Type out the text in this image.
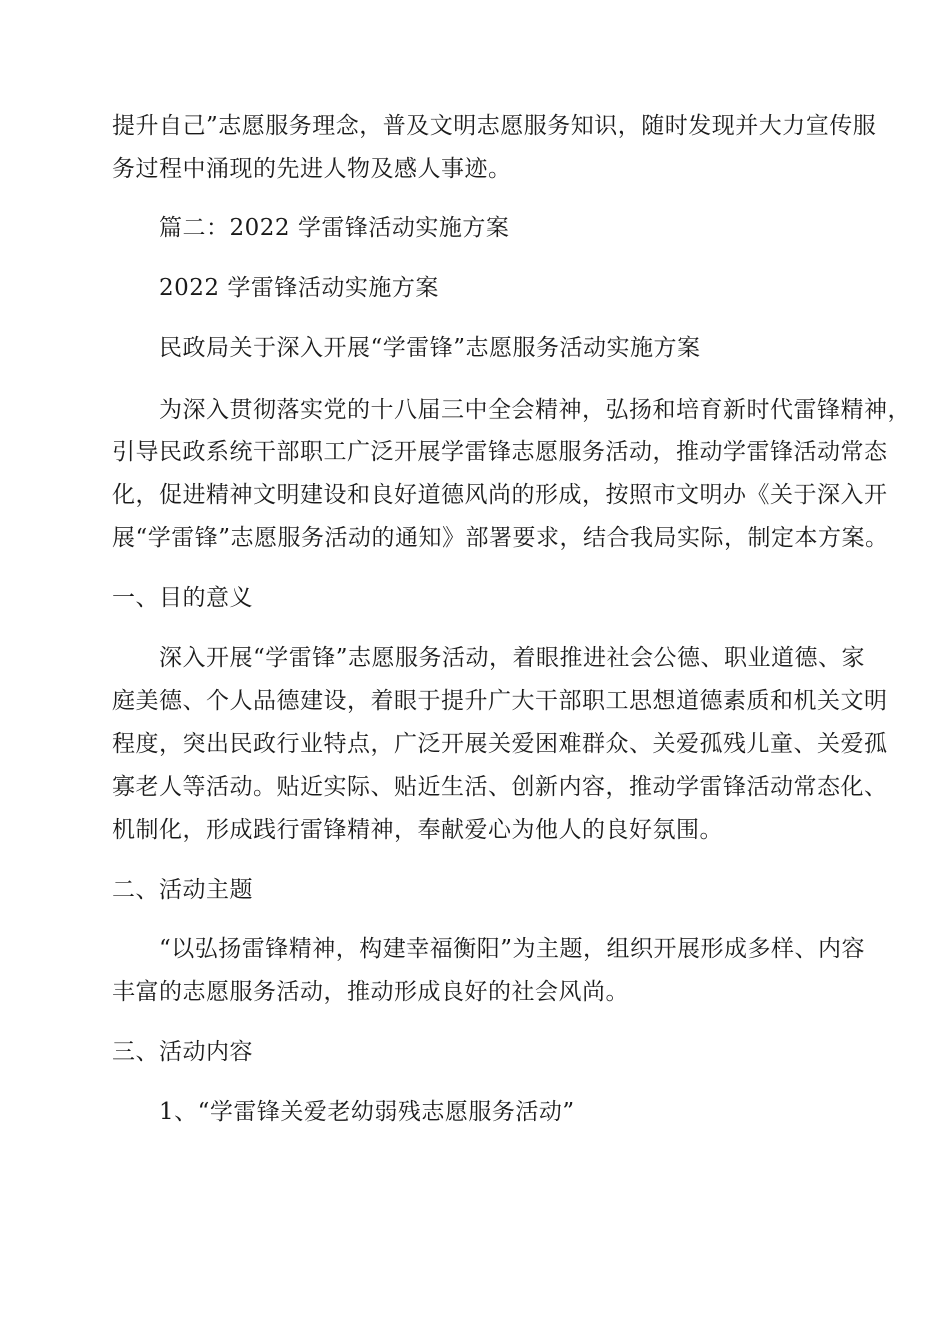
提升自己”志愿服务理念，普及文明志愿服务知识，随时发现并大力宣传服
务过程中涌现的先进人物及感人事迹。
篇二：2022 学雷锋活动实施方案
2022 学雷锋活动实施方案
民政局关于深入开展“学雷锋”志愿服务活动实施方案
为深入贯彻落实党的十八届三中全会精神，弘扬和培育新时代雷锋精神，
引导民政系统干部职工广泛开展学雷锋志愿服务活动，推动学雷锋活动常态
化，促进精神文明建设和良好道德风尚的形成，按照市文明办《关于深入开
展“学雷锋”志愿服务活动的通知》部署要求，结合我局实际，制定本方案。
一、目的意义
深入开展“学雷锋”志愿服务活动，着眼推进社会公德、职业道德、家
庭美德、个人品德建设，着眼于提升广大干部职工思想道德素质和机关文明
程度，突出民政行业特点，广泛开展关爱困难群众、关爱孤残儿童、关爱孤
寡老人等活动。贴近实际、贴近生活、创新内容，推动学雷锋活动常态化、
机制化，形成践行雷锋精神，奉献爱心为他人的良好氛围。
二、活动主题
“以弘扬雷锋精神，构建幸福衡阳”为主题，组织开展形成多样、内容
丰富的志愿服务活动，推动形成良好的社会风尚。
三、活动内容
1、“学雷锋关爱老幼弱残志愿服务活动”
